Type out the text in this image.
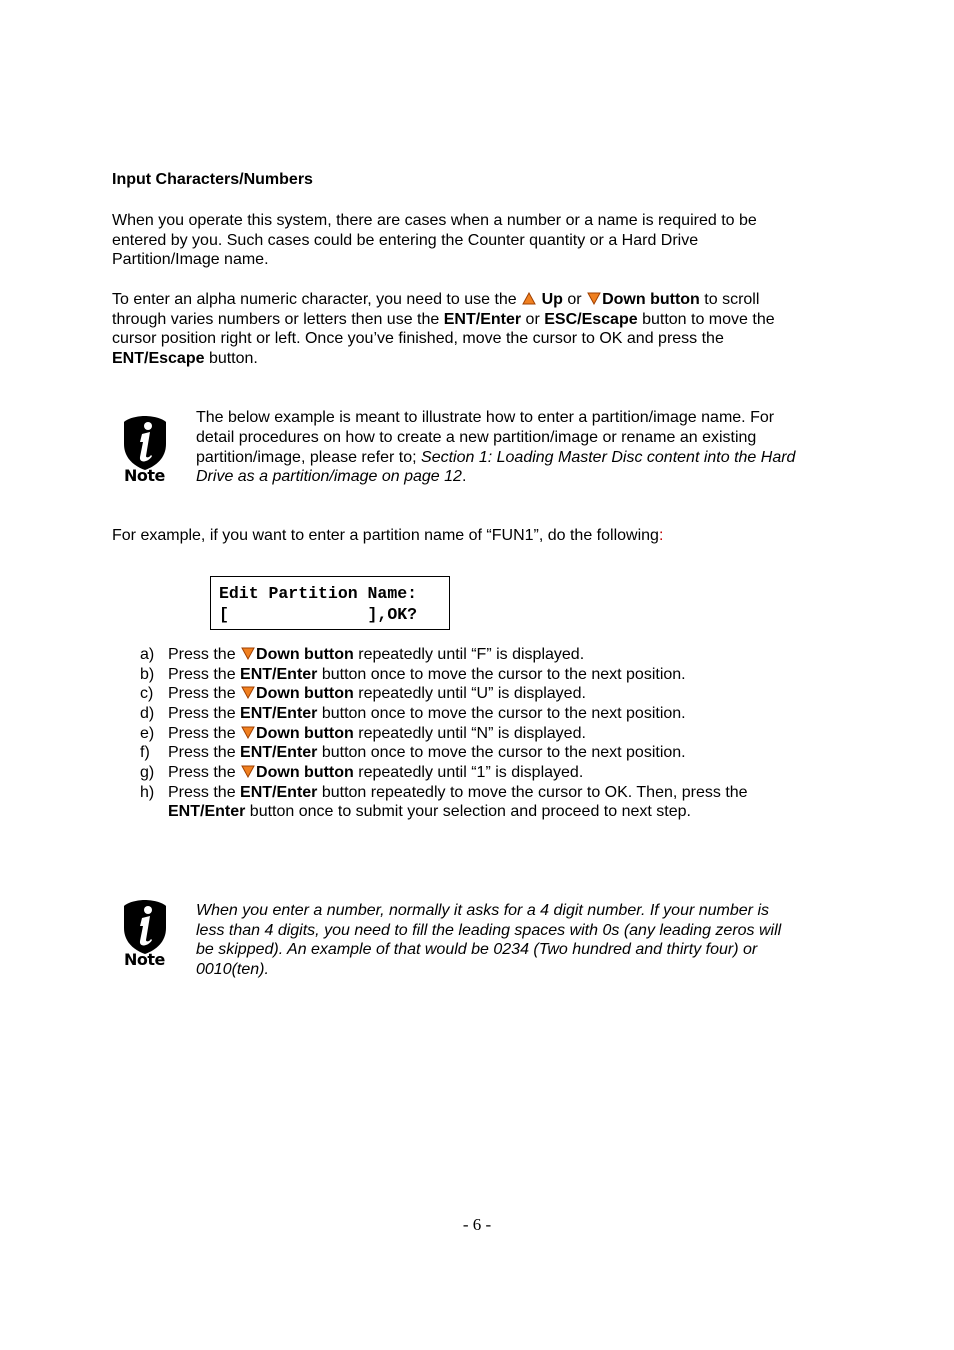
Input Characters/Numbers
When you operate this system, there are cases when a number or a name is required to be
entered by you. Such cases could be entering the Counter quantity or a Hard Drive
Partition/Image name.
To enter an alpha numeric character, you need to use the Up or Down button to scroll
through varies numbers or letters then use the ENT/Enter or ESC/Escape button to move the
cursor position right or left. Once you’ve finished, move the cursor to OK and press the
ENT/Escape button.
Note
The below example is meant to illustrate how to enter a partition/image name. For
detail procedures on how to create a new partition/image or rename an existing
partition/image, please refer to; Section 1: Loading Master Disc content into the Hard
Drive as a partition/image on page 12.
For example, if you want to enter a partition name of “FUN1”, do the following:
Edit Partition Name:
[              ],OK?
a) Press the Down button repeatedly until “F” is displayed.
b) Press the ENT/Enter button once to move the cursor to the next position.
c) Press the Down button repeatedly until “U” is displayed.
d) Press the ENT/Enter button once to move the cursor to the next position.
e) Press the Down button repeatedly until “N” is displayed.
f) Press the ENT/Enter button once to move the cursor to the next position.
g) Press the Down button repeatedly until “1” is displayed.
h) Press the ENT/Enter button repeatedly to move the cursor to OK. Then, press the
ENT/Enter button once to submit your selection and proceed to next step.
Note
When you enter a number, normally it asks for a 4 digit number. If your number is
less than 4 digits, you need to fill the leading spaces with 0s (any leading zeros will
be skipped). An example of that would be 0234 (Two hundred and thirty four) or
0010(ten).
- 6 -
